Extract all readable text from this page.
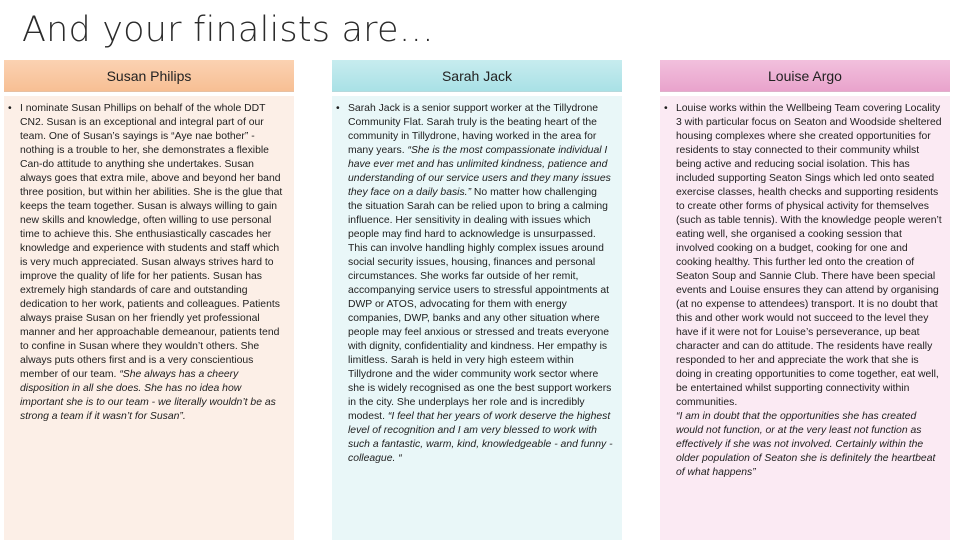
And your finalists are…
Susan Philips
• I nominate Susan Phillips on behalf of the whole DDT CN2. Susan is an exceptional and integral part of our team. One of Susan’s sayings is “Aye nae bother” - nothing is a trouble to her, she demonstrates a flexible Can-do attitude to anything she undertakes. Susan always goes that extra mile, above and beyond her band three position, but within her abilities. She is the glue that keeps the team together. Susan is always willing to gain new skills and knowledge, often willing to use personal time to achieve this. She enthusiastically cascades her knowledge and experience with students and staff which is very much appreciated. Susan always strives hard to improve the quality of life for her patients. Susan has extremely high standards of care and outstanding dedication to her work, patients and colleagues. Patients always praise Susan on her friendly yet professional manner and her approachable demeanour, patients tend to confine in Susan where they wouldn’t others. She always puts others first and is a very conscientious member of our team. “She always has a cheery disposition in all she does. She has no idea how important she is to our team - we literally wouldn’t be as strong a team if it wasn’t for Susan”.
Sarah Jack
• Sarah Jack is a senior support worker at the Tillydrone Community Flat. Sarah truly is the beating heart of the community in Tillydrone, having worked in the area for many years. “She is the most compassionate individual I have ever met and has unlimited kindness, patience and understanding of our service users and they many issues they face on a daily basis.” No matter how challenging the situation Sarah can be relied upon to bring a calming influence. Her sensitivity in dealing with issues which people may find hard to acknowledge is unsurpassed. This can involve handling highly complex issues around social security issues, housing, finances and personal circumstances. She works far outside of her remit, accompanying service users to stressful appointments at DWP or ATOS, advocating for them with energy companies, DWP, banks and any other situation where people may feel anxious or stressed and treats everyone with dignity, confidentiality and kindness. Her empathy is limitless. Sarah is held in very high esteem within Tillydrone and the wider community work sector where she is widely recognised as one the best support workers in the city. She underplays her role and is incredibly modest. “I feel that her years of work deserve the highest level of recognition and I am very blessed to work with such a fantastic, warm, kind, knowledgeable - and funny - colleague. “
Louise Argo
• Louise works within the Wellbeing Team covering Locality 3 with particular focus on Seaton and Woodside sheltered housing complexes where she created opportunities for residents to stay connected to their community whilst being active and reducing social isolation. This has included supporting Seaton Sings which led onto seated exercise classes, health checks and supporting residents to create other forms of physical activity for themselves (such as table tennis). With the knowledge people weren’t eating well, she organised a cooking session that involved cooking on a budget, cooking for one and cooking healthy. This further led onto the creation of Seaton Soup and Sannie Club. There have been special events and Louise ensures they can attend by organising (at no expense to attendees) transport. It is no doubt that this and other work would not succeed to the level they have if it were not for Louise’s perseverance, up beat character and can do attitude. The residents have really responded to her and appreciate the work that she is doing in creating opportunities to come together, eat well, be entertained whilst supporting connectivity within communities.
“I am in doubt that the opportunities she has created would not function, or at the very least not function as effectively if she was not involved. Certainly within the older population of Seaton she is definitely the heartbeat of what happens”
